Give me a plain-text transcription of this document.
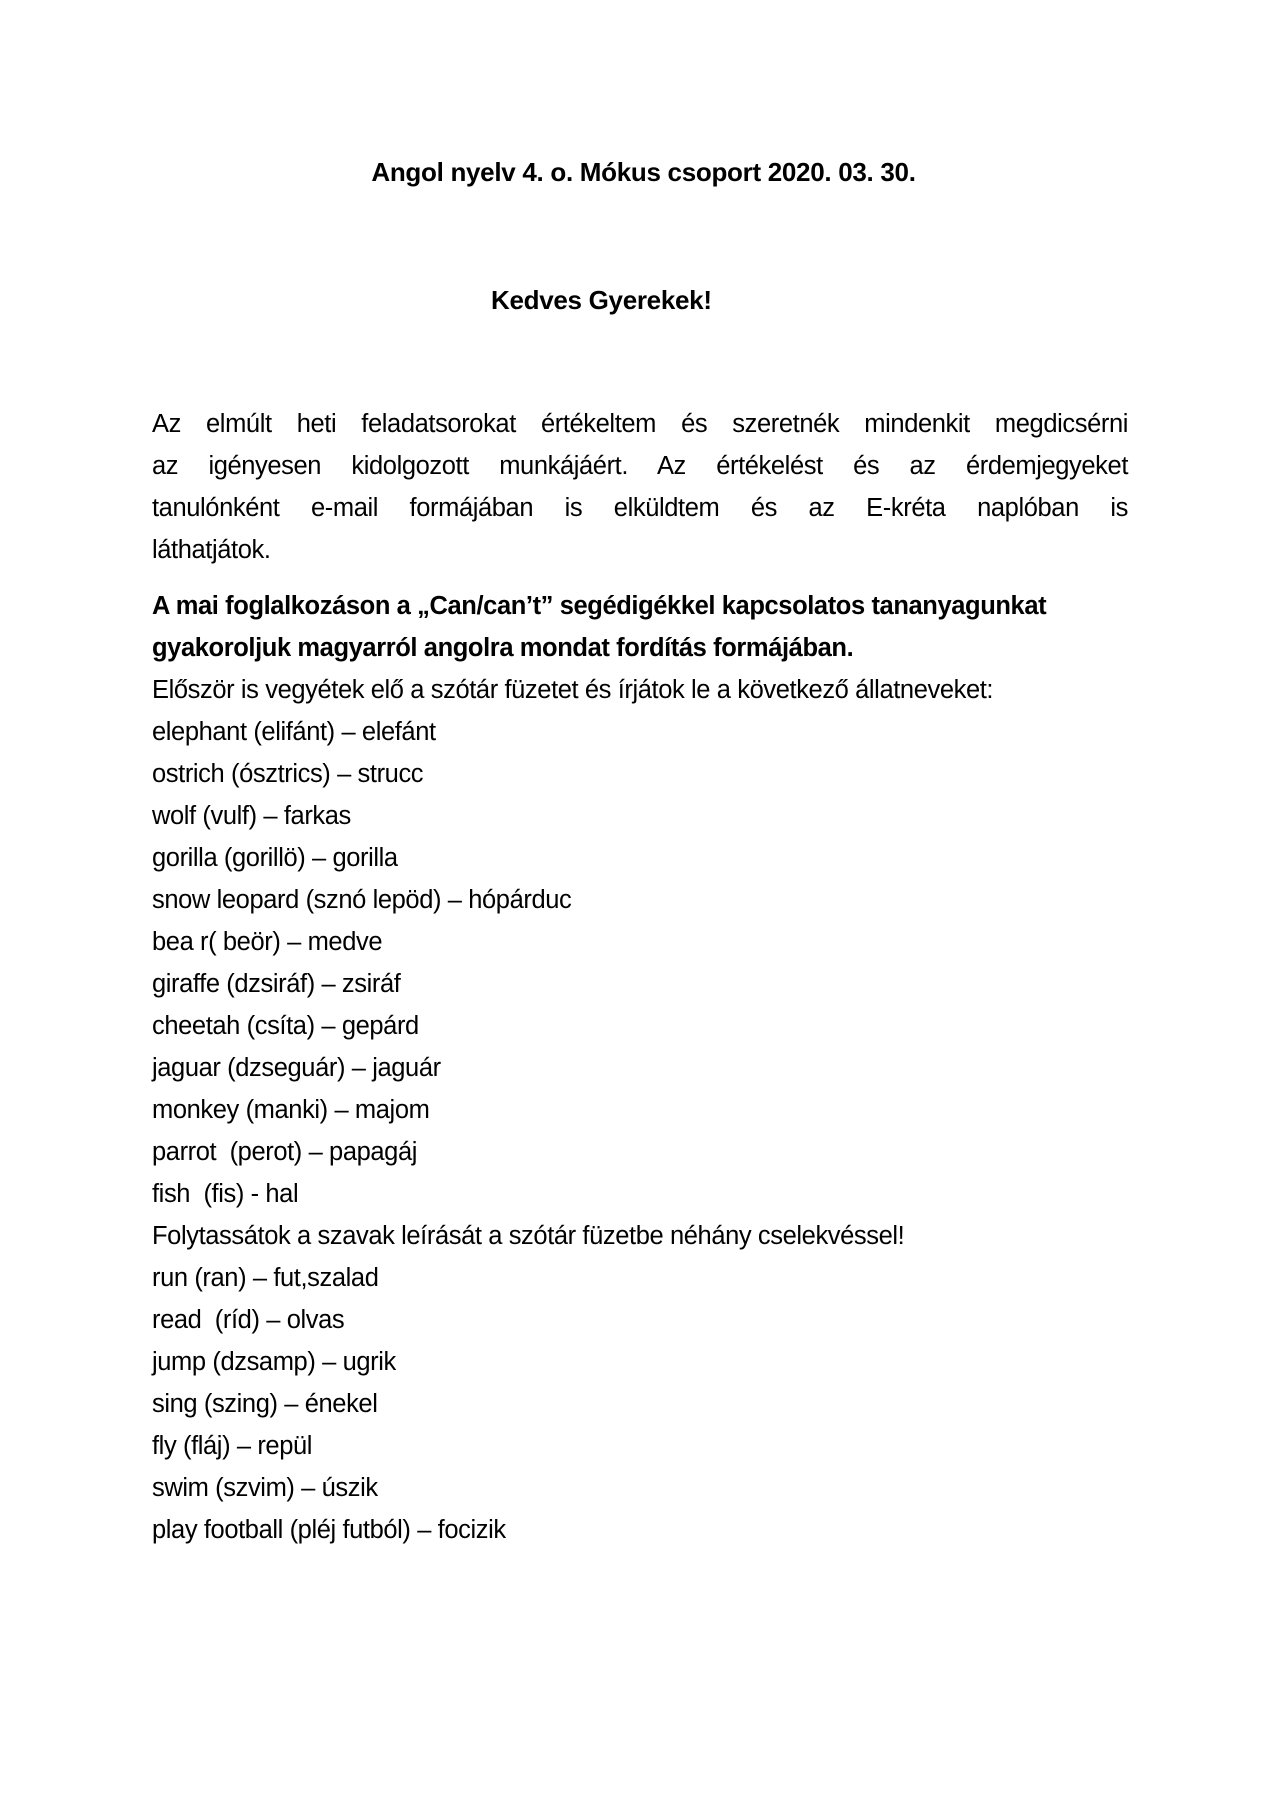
Angol nyelv 4. o. Mókus csoport 2020. 03. 30.
Kedves Gyerekek!

Az elmúlt heti feladatsorokat értékeltem és szeretnék mindenkit megdicsérni
az igényesen kidolgozott munkájáért. Az értékelést és az érdemjegyeket
tanulónként e-mail formájában is elküldtem és az E-kréta naplóban is
láthatjátok.

A mai foglalkozáson a „Can/can’t” segédigékkel kapcsolatos tananyagunkat
gyakoroljuk magyarról angolra mondat fordítás formájában.

Először is vegyétek elő a szótár füzetet és írjátok le a következő állatneveket:
elephant (elifánt) – elefánt
ostrich (ósztrics) – strucc
wolf (vulf) – farkas
gorilla (gorillö) – gorilla
snow leopard (sznó lepöd) – hópárduc
bea r( beör) – medve
giraffe (dzsiráf) – zsiráf
cheetah (csíta) – gepárd
jaguar (dzseguár) – jaguár
monkey (manki) – majom
parrot  (perot) – papagáj
fish  (fis) - hal
Folytassátok a szavak leírását a szótár füzetbe néhány cselekvéssel!
run (ran) – fut,szalad
read  (ríd) – olvas
jump (dzsamp) – ugrik
sing (szing) – énekel
fly (fláj) – repül
swim (szvim) – úszik
play football (pléj futból) – focizik
